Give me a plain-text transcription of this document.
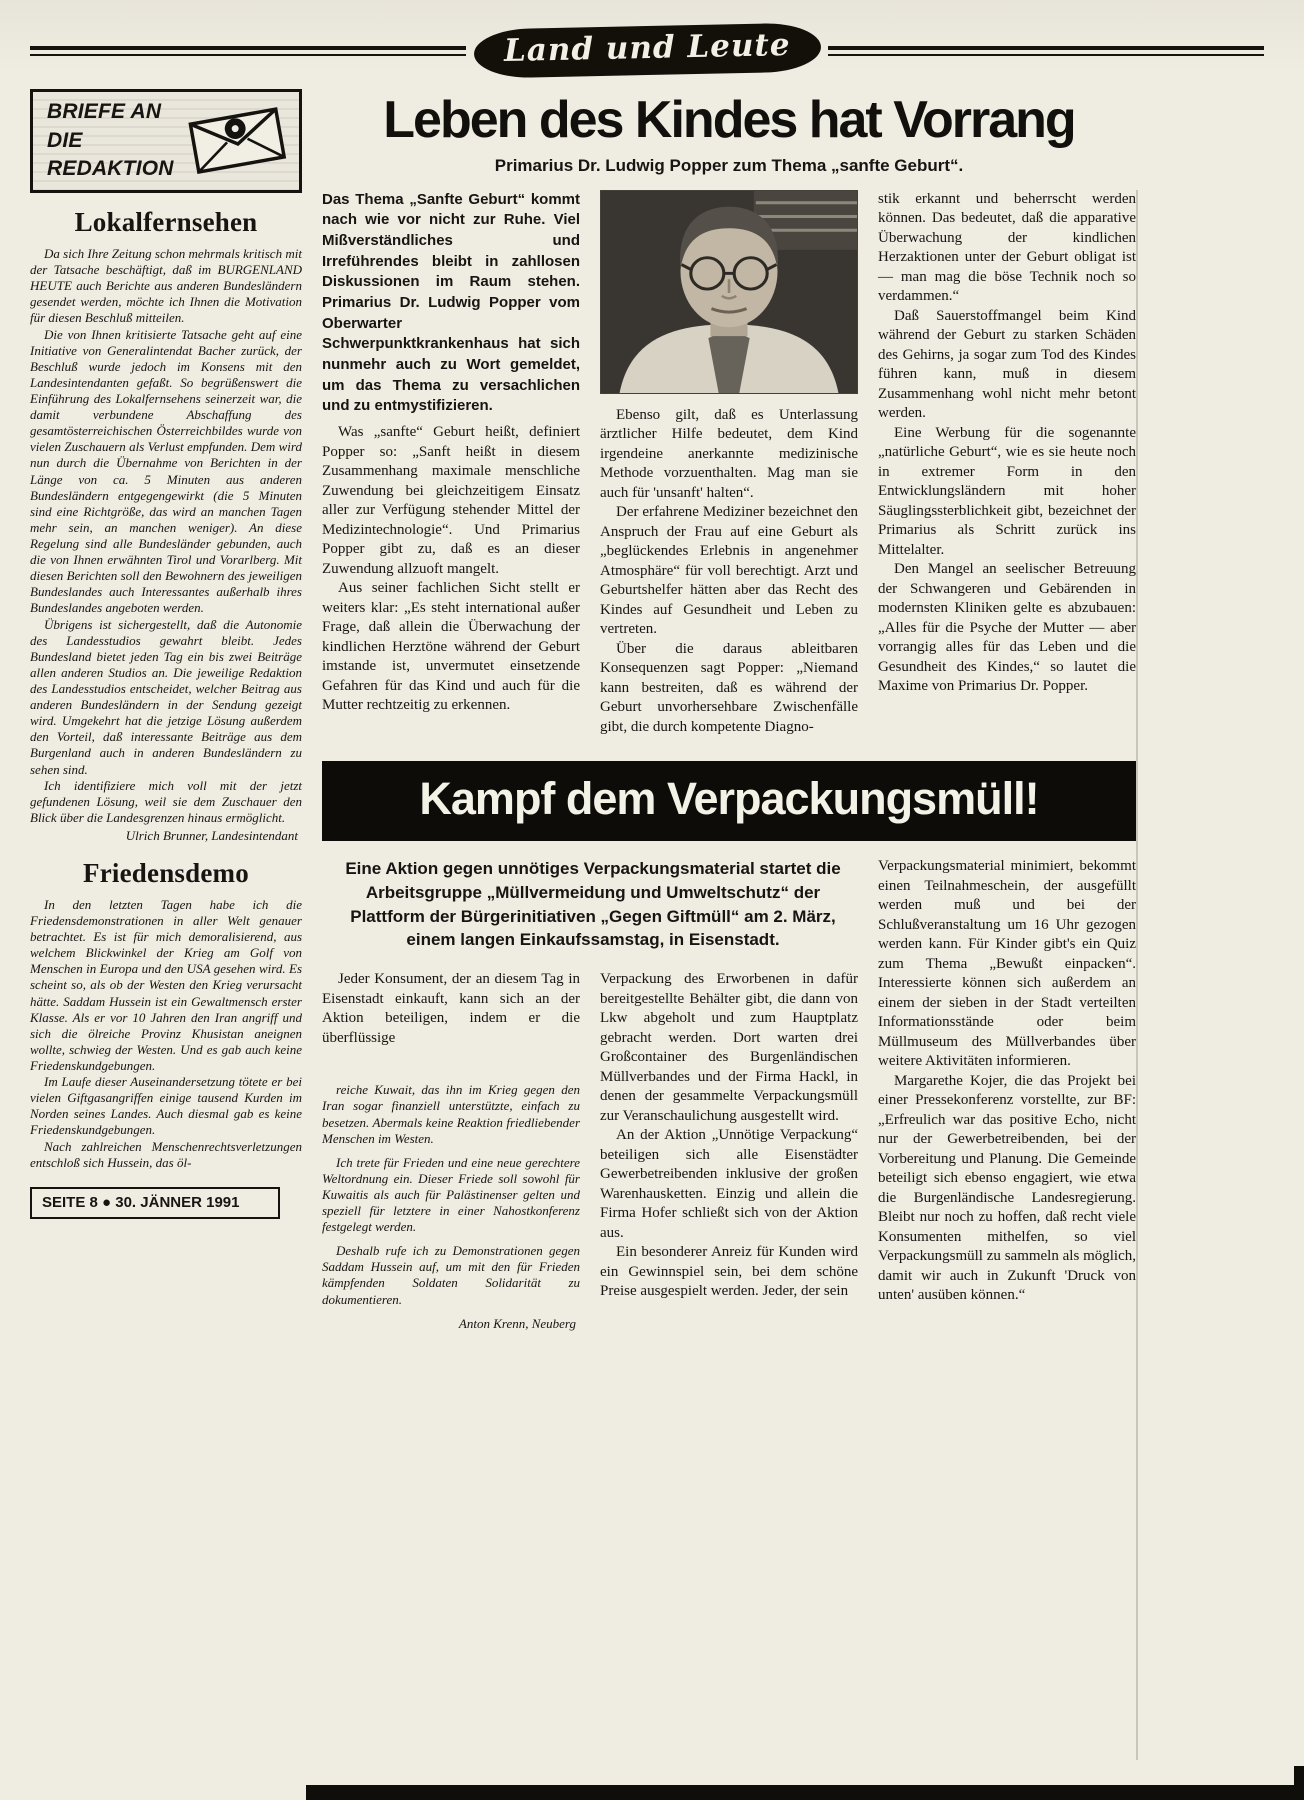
Land und Leute
BRIEFE AN
DIE REDAKTION
Lokalfernsehen

Da sich Ihre Zeitung schon mehrmals kritisch mit der Tatsache beschäftigt, daß im BURGENLAND HEUTE auch Berichte aus anderen Bundesländern gesendet werden, möchte ich Ihnen die Motivation für diesen Beschluß mitteilen.

Die von Ihnen kritisierte Tatsache geht auf eine Initiative von Generalintendat Bacher zurück, der Beschluß wurde jedoch im Konsens mit den Landesintendanten gefaßt. So begrüßenswert die Einführung des Lokalfernsehens seinerzeit war, die damit verbundene Abschaffung des gesamtösterreichischen Österreichbildes wurde von vielen Zuschauern als Verlust empfunden. Dem wird nun durch die Übernahme von Berichten in der Länge von ca. 5 Minuten aus anderen Bundesländern entgegengewirkt (die 5 Minuten sind eine Richtgröße, das wird an manchen Tagen mehr sein, an manchen weniger). An diese Regelung sind alle Bundesländer gebunden, auch die von Ihnen erwähnten Tirol und Vorarlberg. Mit diesen Berichten soll den Bewohnern des jeweiligen Bundeslandes auch Interessantes außerhalb ihres Bundeslandes angeboten werden.

Übrigens ist sichergestellt, daß die Autonomie des Landesstudios gewahrt bleibt. Jedes Bundesland bietet jeden Tag ein bis zwei Beiträge allen anderen Studios an. Die jeweilige Redaktion des Landesstudios entscheidet, welcher Beitrag aus anderen Bundesländern in der Sendung gezeigt wird. Umgekehrt hat die jetzige Lösung außerdem den Vorteil, daß interessante Beiträge aus dem Burgenland auch in anderen Bundesländern zu sehen sind.

Ich identifiziere mich voll mit der jetzt gefundenen Lösung, weil sie dem Zuschauer den Blick über die Landesgrenzen hinaus ermöglicht.

Ulrich Brunner, Landesintendant

Friedensdemo

In den letzten Tagen habe ich die Friedensdemonstrationen in aller Welt genauer betrachtet. Es ist für mich demoralisierend, aus welchem Blickwinkel der Krieg am Golf von Menschen in Europa und den USA gesehen wird. Es scheint so, als ob der Westen den Krieg verursacht hätte. Saddam Hussein ist ein Gewaltmensch erster Klasse. Als er vor 10 Jahren den Iran angriff und sich die ölreiche Provinz Khusistan aneignen wollte, schwieg der Westen. Und es gab auch keine Friedenskundgebungen.

Im Laufe dieser Auseinandersetzung tötete er bei vielen Giftgasangriffen einige tausend Kurden im Norden seines Landes. Auch diesmal gab es keine Friedenskundgebungen.

Nach zahlreichen Menschenrechtsverletzungen entschloß sich Hussein, das öl-

SEITE 8 ● 30. JÄNNER 1991
Leben des Kindes hat Vorrang
Primarius Dr. Ludwig Popper zum Thema „sanfte Geburt“.

Das Thema „Sanfte Geburt“ kommt nach wie vor nicht zur Ruhe. Viel Mißverständliches und Irreführendes bleibt in zahllosen Diskussionen im Raum stehen. Primarius Dr. Ludwig Popper vom Oberwarter Schwerpunktkrankenhaus hat sich nunmehr auch zu Wort gemeldet, um das Thema zu versachlichen und zu entmystifizieren.

Was „sanfte“ Geburt heißt, definiert Popper so: „Sanft heißt in diesem Zusammenhang maximale menschliche Zuwendung bei gleichzeitigem Einsatz aller zur Verfügung stehender Mittel der Medizintechnologie“. Und Primarius Popper gibt zu, daß es an dieser Zuwendung allzuoft mangelt.

Aus seiner fachlichen Sicht stellt er weiters klar: „Es steht international außer Frage, daß allein die Überwachung der kindlichen Herztöne während der Geburt imstande ist, unvermutet einsetzende Gefahren für das Kind und auch für die Mutter rechtzeitig zu erkennen.

Ebenso gilt, daß es Unterlassung ärztlicher Hilfe bedeutet, dem Kind irgendeine anerkannte medizinische Methode vorzuenthalten. Mag man sie auch für 'unsanft' halten“.

Der erfahrene Mediziner bezeichnet den Anspruch der Frau auf eine Geburt als „beglückendes Erlebnis in angenehmer Atmosphäre“ für voll berechtigt. Arzt und Geburtshelfer hätten aber das Recht des Kindes auf Gesundheit und Leben zu vertreten.

Über die daraus ableitbaren Konsequenzen sagt Popper: „Niemand kann bestreiten, daß es während der Geburt unvorhersehbare Zwischenfälle gibt, die durch kompetente Diagno-

stik erkannt und beherrscht werden können. Das bedeutet, daß die apparative Überwachung der kindlichen Herzaktionen unter der Geburt obligat ist — man mag die böse Technik noch so verdammen.“

Daß Sauerstoffmangel beim Kind während der Geburt zu starken Schäden des Gehirns, ja sogar zum Tod des Kindes führen kann, muß in diesem Zusammenhang wohl nicht mehr betont werden.

Eine Werbung für die sogenannte „natürliche Geburt“, wie es sie heute noch in extremer Form in den Entwicklungsländern mit hoher Säuglingssterblichkeit gibt, bezeichnet der Primarius als Schritt zurück ins Mittelalter.

Den Mangel an seelischer Betreuung der Schwangeren und Gebärenden in modernsten Kliniken gelte es abzubauen: „Alles für die Psyche der Mutter — aber vorrangig alles für das Leben und die Gesundheit des Kindes,“ so lautet die Maxime von Primarius Dr. Popper.

Kampf dem Verpackungsmüll!
Eine Aktion gegen unnötiges Verpackungsmaterial startet die Arbeitsgruppe „Müllvermeidung und Umweltschutz“ der Plattform der Bürgerinitiativen „Gegen Giftmüll“ am 2. März, einem langen Einkaufssamstag, in Eisenstadt.

Jeder Konsument, der an diesem Tag in Eisenstadt einkauft, kann sich an der Aktion beteiligen, indem er die überflüssige

reiche Kuwait, das ihn im Krieg gegen den Iran sogar finanziell unterstützte, einfach zu besetzen. Abermals keine Reaktion friedliebender Menschen im Westen.

Ich trete für Frieden und eine neue gerechtere Weltordnung ein. Dieser Friede soll sowohl für Kuwaitis als auch für Palästinenser gelten und speziell für letztere in einer Nahostkonferenz festgelegt werden.

Deshalb rufe ich zu Demonstrationen gegen Saddam Hussein auf, um mit den für Frieden kämpfenden Soldaten Solidarität zu dokumentieren.

Anton Krenn, Neuberg

Verpackung des Erworbenen in dafür bereitgestellte Behälter gibt, die dann von Lkw abgeholt und zum Hauptplatz gebracht werden. Dort warten drei Großcontainer des Burgenländischen Müllverbandes und der Firma Hackl, in denen der gesammelte Verpackungsmüll zur Veranschaulichung ausgestellt wird.

An der Aktion „Unnötige Verpackung“ beteiligen sich alle Eisenstädter Gewerbetreibenden inklusive der großen Warenhausketten. Einzig und allein die Firma Hofer schließt sich von der Aktion aus.

Ein besonderer Anreiz für Kunden wird ein Gewinnspiel sein, bei dem schöne Preise ausgespielt werden. Jeder, der sein

Verpackungsmaterial minimiert, bekommt einen Teilnahmeschein, der ausgefüllt werden muß und bei der Schlußveranstaltung um 16 Uhr gezogen werden kann. Für Kinder gibt's ein Quiz zum Thema „Bewußt einpacken“. Interessierte können sich außerdem an einem der sieben in der Stadt verteilten Informationsstände oder beim Müllmuseum des Müllverbandes über weitere Aktivitäten informieren.

Margarethe Kojer, die das Projekt bei einer Pressekonferenz vorstellte, zur BF: „Erfreulich war das positive Echo, nicht nur der Gewerbetreibenden, bei der Vorbereitung und Planung. Die Gemeinde beteiligt sich ebenso engagiert, wie etwa die Burgenländische Landesregierung. Bleibt nur noch zu hoffen, daß recht viele Konsumenten mithelfen, so viel Verpackungsmüll zu sammeln als möglich, damit wir auch in Zukunft 'Druck von unten' ausüben können.“
